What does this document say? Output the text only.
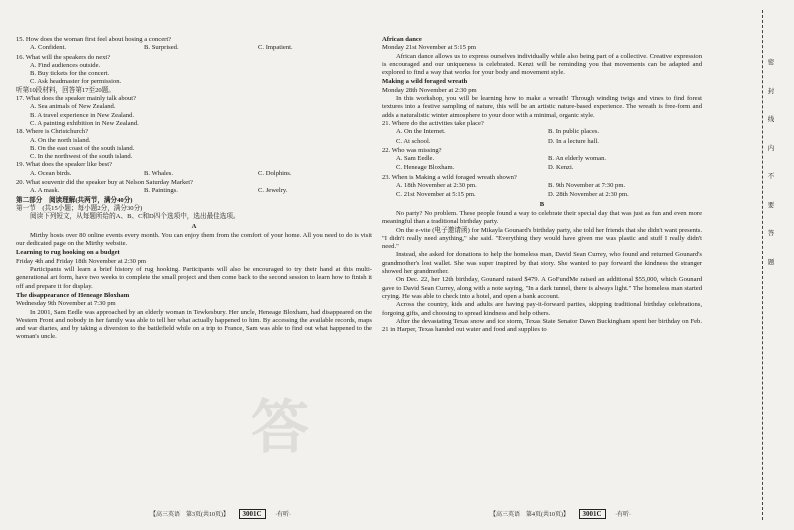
15. How does the woman first feel about hosing a concert?

A. Confident.	B. Surprised.	C. Impatient.

16. What will the speakers do next?

A. Find audiences outside.
B. Buy tickets for the concert.
C. Ask headmaster for permission.

听第10段材料，回答第17至20题。

17. What does the speaker mainly talk about?

A. Sea animals of New Zealand.
B. A travel experience in New Zealand.
C. A painting exhibition in New Zealand.

18. Where is Christchurch?

A. On the north island.
B. On the east coast of the south island.
C. In the northwest of the south island.

19. What does the speaker like best?

A. Ocean birds.	B. Whales.	C. Dolphins.

20. What souvenir did the speaker buy at Nelson Saturday Market?

A. A mask.	B. Paintings.	C. Jewelry.

第二部分　阅读理解(共两节，满分40分)

第一节　(共15小题；每小题2分，满分30分)

阅读下列短文，从每题所给的A、B、C和D四个选项中，选出最佳选项。

A

Mirthy hosts over 80 online events every month. You can enjoy them from the comfort of your home. All you need to do is visit our dedicated page on the Mirthy website.

Learning to rug hooking on a budget

Friday 4th and Friday 18th November at 2:30 pm

Participants will learn a brief history of rug hooking. Participants will also be encouraged to try their hand at this multi-generational art form, have two weeks to complete the small project and then come back to the second session to learn how to finish it off and prepare it for display.

The disappearance of Heneage Bloxham

Wednesday 9th November at 7:30 pm

In 2001, Sam Eedle was approached by an elderly woman in Tewkesbury. Her uncle, Heneage Bloxham, had disappeared on the Western Front and nobody in her family was able to tell her what actually happened to him. By accessing the available records, maps and war diaries, and by taking a diversion to the battlefield while on a trip to France, Sam was able to find out what happened to the woman's uncle.

【高三英语　第3页(共10页)】 3001C ·有听·

African dance

Monday 21st November at 5:15 pm

African dance allows us to express ourselves individually while also being part of a collective. Creative expression is encouraged and our uniqueness is celebrated. Kenzi will be reminding you that movements can be adapted and explored to find a way that works for your body and movement style.

Making a wild foraged wreath

Monday 28th November at 2:30 pm

In this workshop, you will be learning how to make a wreath! Through winding twigs and vines to find forest textures into a festive sampling of nature, this will be an artistic nature-based experience. The wreath is free-form and adds a naturalistic winter atmosphere to your door with a minimal, organic style.

21. Where do the activities take place?

A. On the Internet.	B. In public places.
C. At school.	D. In a lecture hall.

22. Who was missing?

A. Sam Eedle.	B. An elderly woman.
C. Heneage Bloxham.	D. Kenzi.

23. When is Making a wild foraged wreath shown?

A. 18th November at 2:30 pm.	B. 9th November at 7:30 pm.
C. 21st November at 5:15 pm.	D. 28th November at 2:30 pm.

B

No party? No problem. These people found a way to celebrate their special day that was just as fun and even more meaningful than a traditional birthday party.

On the e-vite (电子邀请函) for Mikayla Gounard's birthday party, she told her friends that she didn't want presents. "I didn't really need anything," she said. "Everything they would have given me was plastic and stuff I really didn't need."

Instead, she asked for donations to help the homeless man, David Sean Currey, who found and returned Gounard's grandmother's lost wallet. She was super inspired by that story. She wanted to pay forward the kindness the stranger showed her grandmother.

On Dec. 22, her 12th birthday, Gounard raised $479. A GoFundMe raised an additional $55,000, which Gounard gave to David Sean Currey, along with a note saying, "In a dark tunnel, there is always light." The homeless man started crying. He was able to check into a hotel, and open a bank account.

Across the country, kids and adults are having pay-it-forward parties, skipping traditional birthday celebrations, forgoing gifts, and choosing to spread kindness and help others.

After the devastating Texas snow and ice storm, Texas State Senator Dawn Buckingham spent her birthday on Feb. 21 in Harper, Texas handed out water and food and supplies to

【高三英语　第4页(共10页)】 3001C ·有听·
答
密
封
线
内
不
要
答
题
